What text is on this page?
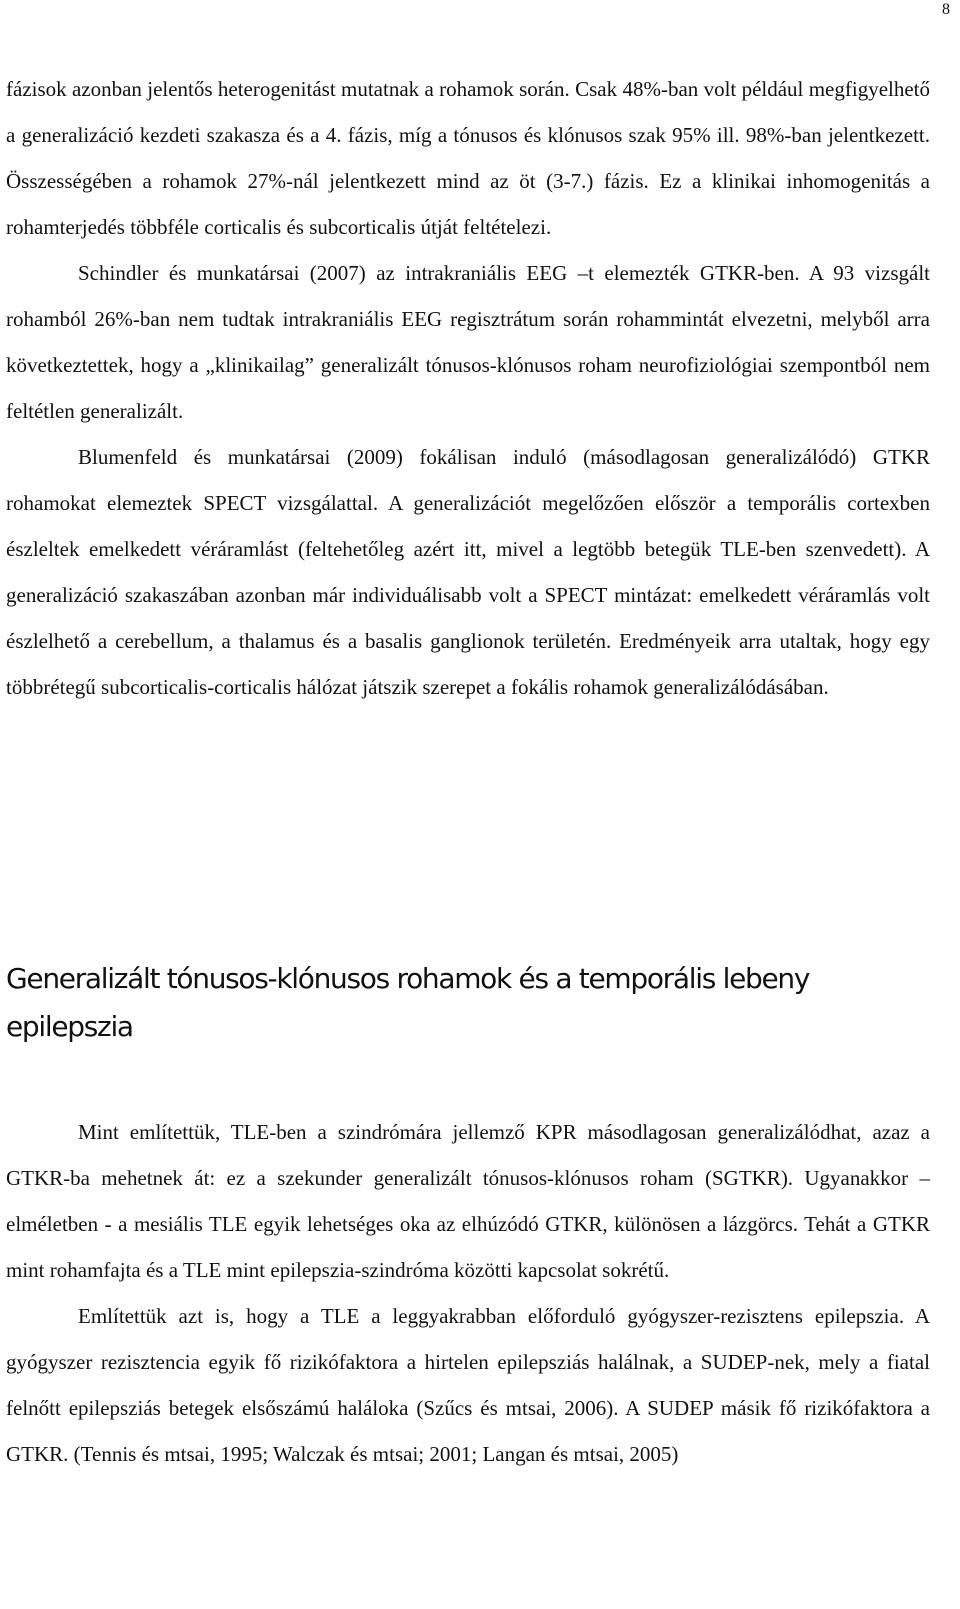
8

fázisok azonban jelentős heterogenitást mutatnak a rohamok során. Csak 48%-ban volt például megfigyelhető a generalizáció kezdeti szakasza és a 4. fázis, míg a tónusos és klónusos szak 95% ill. 98%-ban jelentkezett. Összességében a rohamok 27%-nál jelentkezett mind az öt (3-7.) fázis. Ez a klinikai inhomogenitás a rohamterjedés többféle corticalis és subcorticalis útját feltételezi.

Schindler és munkatársai (2007) az intrakraniális EEG –t elemezték GTKR-ben. A 93 vizsgált rohamból 26%-ban nem tudtak intrakraniális EEG regisztrátum során rohammintát elvezetni, melyből arra következtettek, hogy a „klinikailag” generalizált tónusos-klónusos roham neurofiziológiai szempontból nem feltétlen generalizált.

Blumenfeld és munkatársai (2009) fokálisan induló (másodlagosan generalizálódó) GTKR rohamokat elemeztek SPECT vizsgálattal. A generalizációt megelőzően először a temporális cortexben észleltek emelkedett véráramlást (feltehetőleg azért itt, mivel a legtöbb betegük TLE-ben szenvedett). A generalizáció szakaszában azonban már individuálisabb volt a SPECT mintázat: emelkedett véráramlás volt észlelhető a cerebellum, a thalamus és a basalis ganglionok területén. Eredményeik arra utaltak, hogy egy többrétegű subcorticalis-corticalis hálózat játszik szerepet a fokális rohamok generalizálódásában.

Generalizált tónusos-klónusos rohamok és a temporális lebeny epilepszia

Mint említettük, TLE-ben a szindrómára jellemző KPR másodlagosan generalizálódhat, azaz a GTKR-ba mehetnek át: ez a szekunder generalizált tónusos-klónusos roham (SGTKR). Ugyanakkor – elméletben - a mesiális TLE egyik lehetséges oka az elhúzódó GTKR, különösen a lázgörcs. Tehát a GTKR mint rohamfajta és a TLE mint epilepszia-szindróma közötti kapcsolat sokrétű.

Említettük azt is, hogy a TLE a leggyakrabban előforduló gyógyszer-rezisztens epilepszia. A gyógyszer rezisztencia egyik fő rizikófaktora a hirtelen epilepsziás halálnak, a SUDEP-nek, mely a fiatal felnőtt epilepsziás betegek elsőszámú haláloka (Szűcs és mtsai, 2006). A SUDEP másik fő rizikófaktora a GTKR. (Tennis és mtsai, 1995; Walczak és mtsai; 2001; Langan és mtsai, 2005)
